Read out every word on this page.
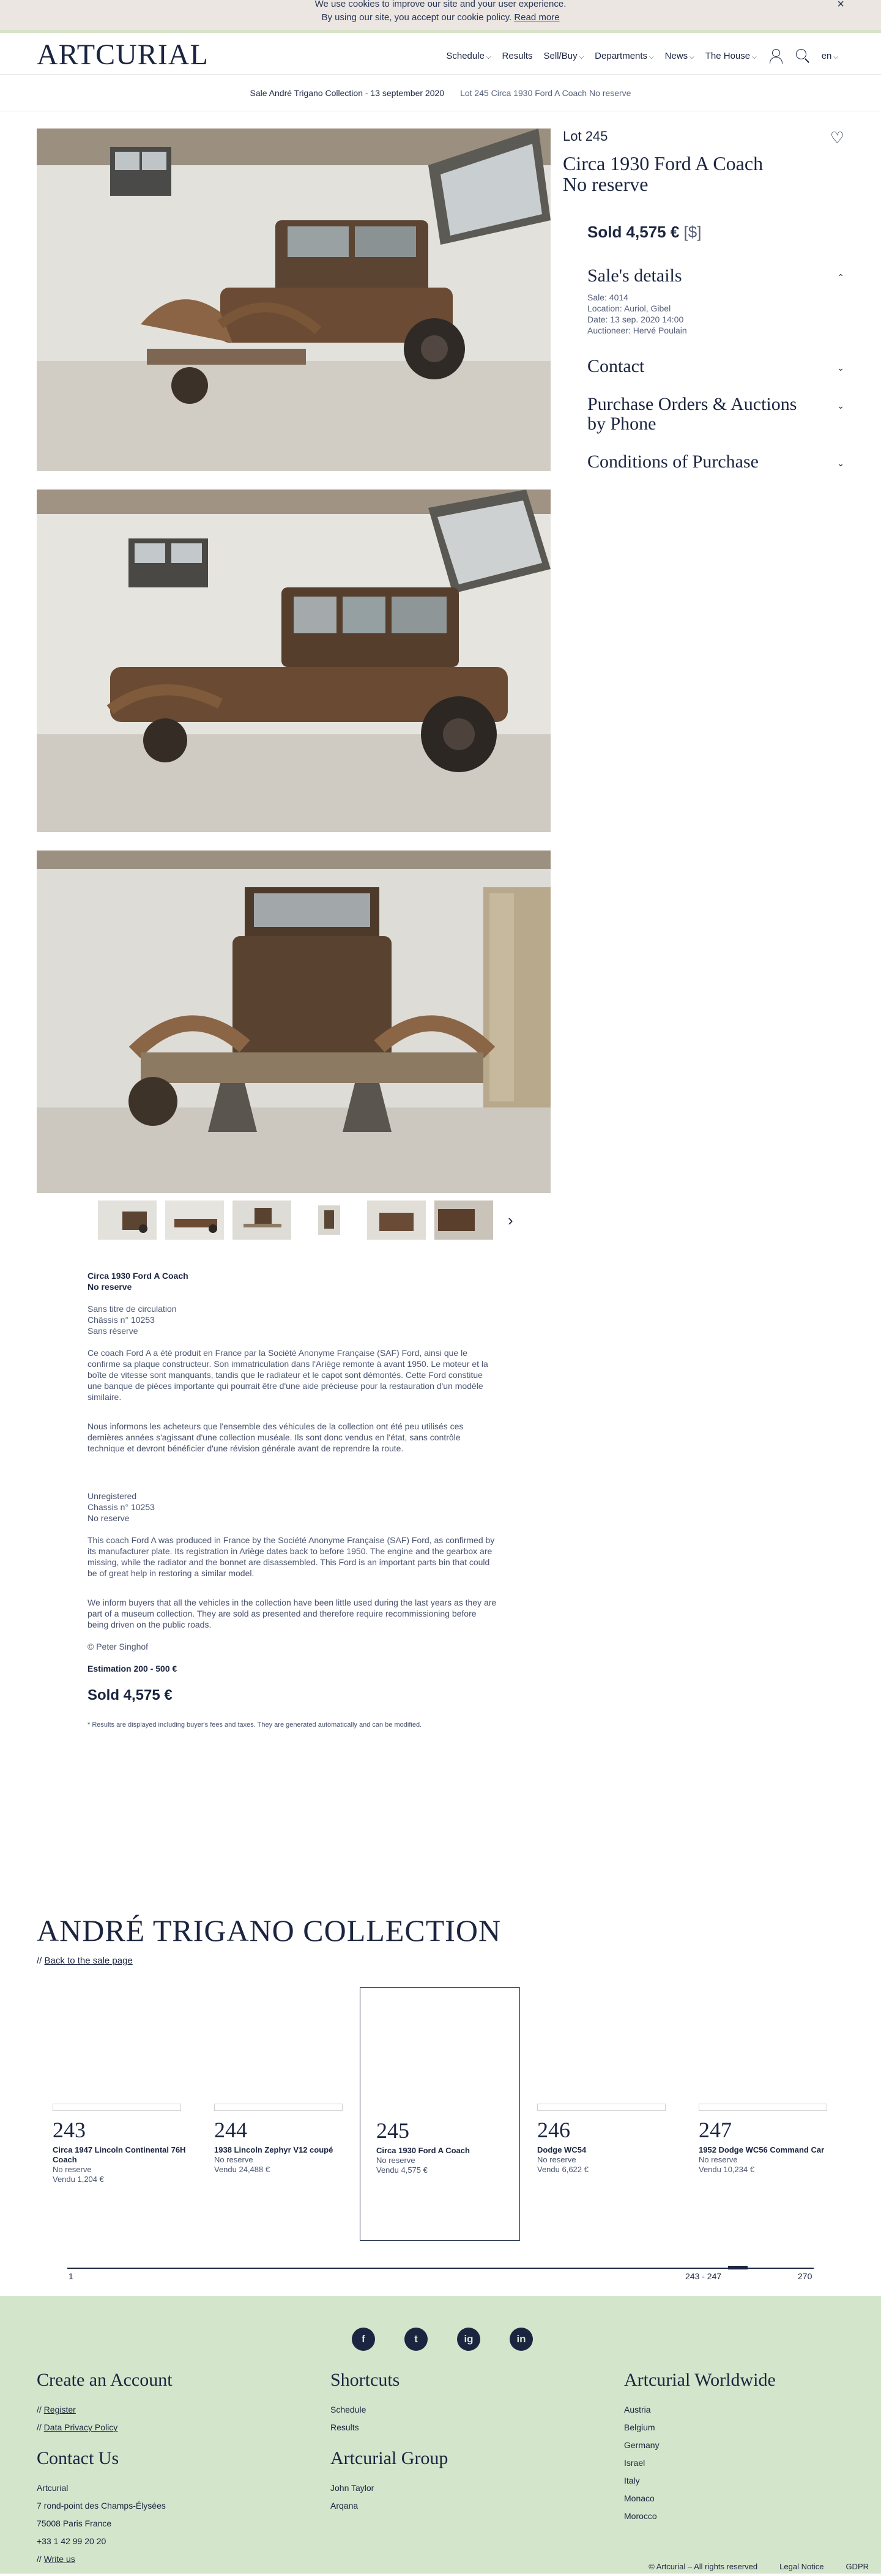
We use cookies to improve our site and your user experience.
By using our site, you accept our cookie policy. Read more
×
ARTCURIAL	Schedule ⌵ Results Sell/Buy ⌵ Departments ⌵ News ⌵ The House ⌵	en ⌵
Sale André Trigano Collection - 13 september 2020 Lot 245 Circa 1930 Ford A Coach No reserve
Lot 245	♡
Circa 1930 Ford A Coach
No reserve
Sold 4,575 € [$]
Sale's details	⌃
Sale: 4014
Location: Auriol, Gibel
Date: 13 sep. 2020 14:00
Auctioneer: Hervé Poulain
Contact	⌄
Purchase Orders & Auctions
by Phone
⌄
Conditions of Purchase	⌄
›

Circa 1930 Ford A Coach
No reserve

Sans titre de circulation
Châssis n° 10253
Sans réserve

Ce coach Ford A a été produit en France par la Société Anonyme Française (SAF) Ford, ainsi que le confirme sa plaque constructeur. Son immatriculation dans l'Ariège remonte à avant 1950. Le moteur et la boîte de vitesse sont manquants, tandis que le radiateur et le capot sont démontés. Cette Ford constitue une banque de pièces importante qui pourrait être d'une aide précieuse pour la restauration d'un modèle similaire.

Nous informons les acheteurs que l'ensemble des véhicules de la collection ont été peu utilisés ces dernières années s'agissant d'une collection muséale. Ils sont donc vendus en l'état, sans contrôle technique et devront bénéficier d'une révision générale avant de reprendre la route.

Unregistered
Chassis n° 10253
No reserve

This coach Ford A was produced in France by the Société Anonyme Française (SAF) Ford, as confirmed by its manufacturer plate. Its registration in Ariège dates back to before 1950. The engine and the gearbox are missing, while the radiator and the bonnet are disassembled. This Ford is an important parts bin that could be of great help in restoring a similar model.

We inform buyers that all the vehicles in the collection have been little used during the last years as they are part of a museum collection. They are sold as presented and therefore require recommissioning before being driven on the public roads.

© Peter Singhof

Estimation 200 - 500 €
Sold 4,575 €
* Results are displayed including buyer's fees and taxes. They are generated automatically and can be modified.
ANDRÉ TRIGANO COLLECTION
// Back to the sale page
243
Circa 1947 Lincoln Continental 76H Coach
No reserve
Vendu 1,204 €
244
1938 Lincoln Zephyr V12 coupé
No reserve
Vendu 24,488 €
245
Circa 1930 Ford A Coach
No reserve
Vendu 4,575 €
246
Dodge WC54
No reserve
Vendu 6,622 €
247
1952 Dodge WC56 Command Car
No reserve
Vendu 10,234 €
1	243 - 247	270
f	t	ig	in
Create an Account
// Register
// Data Privacy Policy
Contact Us
Artcurial
7 rond-point des Champs-Élysées
75008 Paris France
+33 1 42 99 20 20
// Write us
Shortcuts
Schedule
Results
Artcurial Group
John Taylor
Arqana
Artcurial Worldwide
Austria
Belgium
Germany
Israel
Italy
Monaco
Morocco
© Artcurial – All rights reserved	Legal Notice	GDPR
